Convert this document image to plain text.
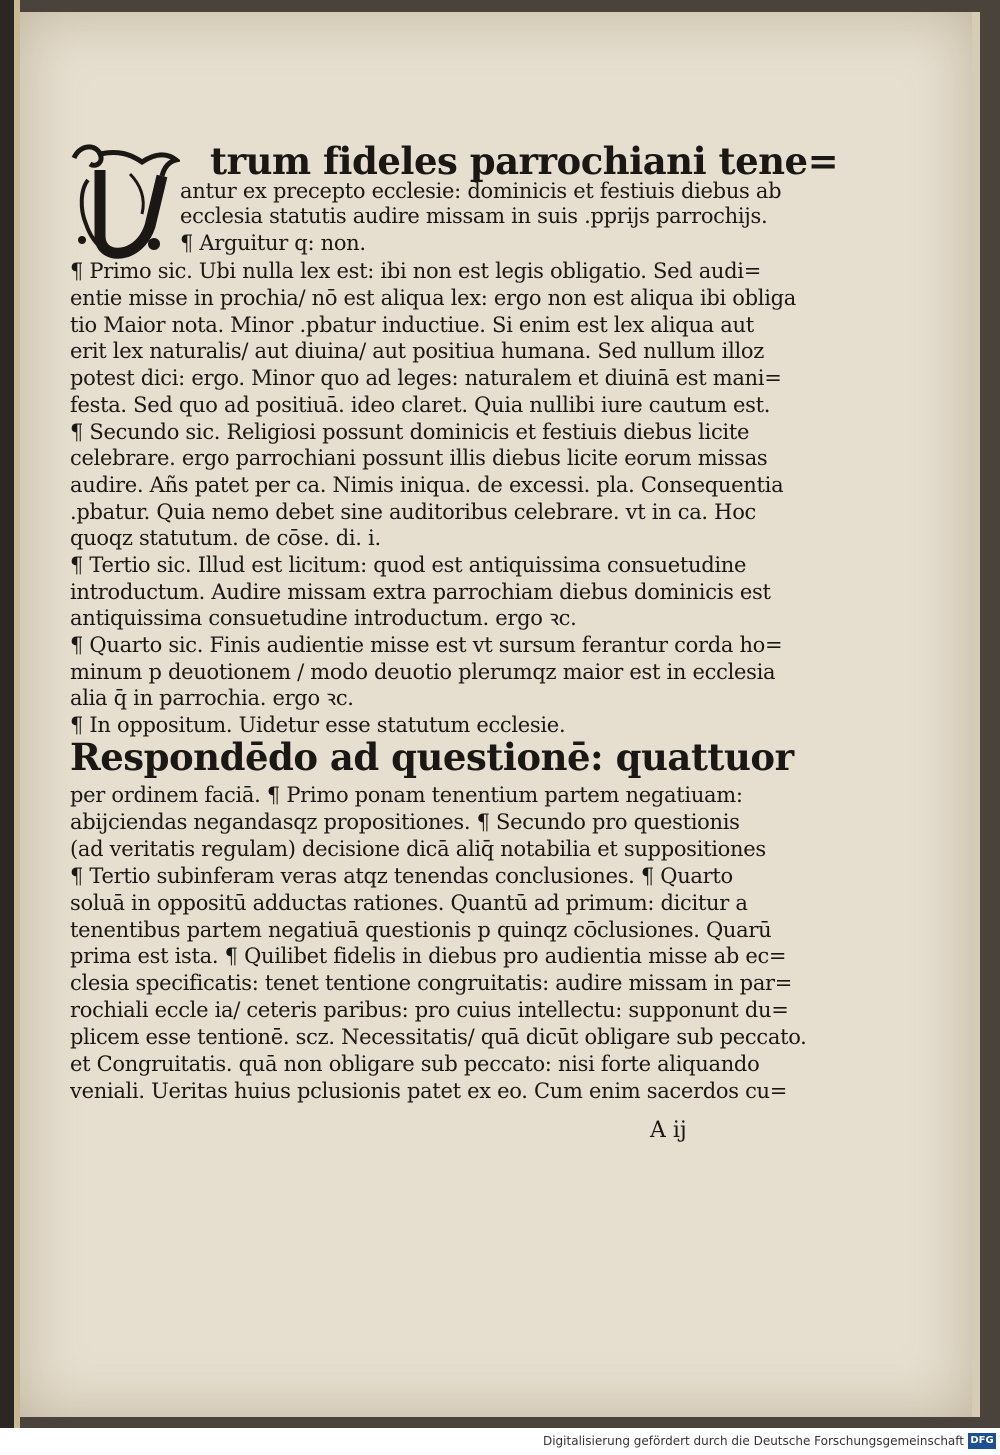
trum fideles parrochiani tene=
antur ex precepto ecclesie: dominicis et festiuis diebus ab
ecclesia statutis audire missam in suis .pprijs parrochijs.
¶ Arguitur q: non.
¶ Primo sic. Ubi nulla lex est: ibi non est legis obligatio. Sed audi=
entie misse in prochia/ nō est aliqua lex: ergo non est aliqua ibi obliga
tio Maior nota. Minor .pbatur inductiue. Si enim est lex aliqua aut
erit lex naturalis/ aut diuina/ aut positiua humana. Sed nullum illoz
potest dici: ergo. Minor quo ad leges: naturalem et diuinā est mani=
festa. Sed quo ad positiuā. ideo claret. Quia nullibi iure cautum est.
¶ Secundo sic. Religiosi possunt dominicis et festiuis diebus licite
celebrare. ergo parrochiani possunt illis diebus licite eorum missas
audire. Añs patet per ca. Nimis iniqua. de excessi. pla. Consequentia
.pbatur. Quia nemo debet sine auditoribus celebrare. vt in ca. Hoc
quoqz statutum. de cōse. di. i.
¶ Tertio sic. Illud est licitum: quod est antiquissima consuetudine
introductum. Audire missam extra parrochiam diebus dominicis est
antiquissima consuetudine introductum. ergo ꝛc.
¶ Quarto sic. Finis audientie misse est vt sursum ferantur corda ho=
minum p deuotionem / modo deuotio plerumqz maior est in ecclesia
alia q̄ in parrochia. ergo ꝛc.
¶ In oppositum. Uidetur esse statutum ecclesie.
Respondēdo ad questionē: quattuor
per ordinem faciā. ¶ Primo ponam tenentium partem negatiuam:
abijciendas negandasqz propositiones. ¶ Secundo pro questionis
(ad veritatis regulam) decisione dicā aliq̄ notabilia et suppositiones
¶ Tertio subinferam veras atqz tenendas conclusiones. ¶ Quarto
soluā in oppositū adductas rationes. Quantū ad primum: dicitur a
tenentibus partem negatiuā questionis p quinqz cōclusiones. Quarū
prima est ista. ¶ Quilibet fidelis in diebus pro audientia misse ab ec=
clesia specificatis: tenet tentione congruitatis: audire missam in par=
rochiali eccle ia/ ceteris paribus: pro cuius intellectu: supponunt du=
plicem esse tentionē. scz. Necessitatis/ quā dicūt obligare sub peccato.
et Congruitatis. quā non obligare sub peccato: nisi forte aliquando
veniali. Ueritas huius pclusionis patet ex eo. Cum enim sacerdos cu=
A ij
Digitalisierung gefördert durch die Deutsche Forschungsgemeinschaft DFG
